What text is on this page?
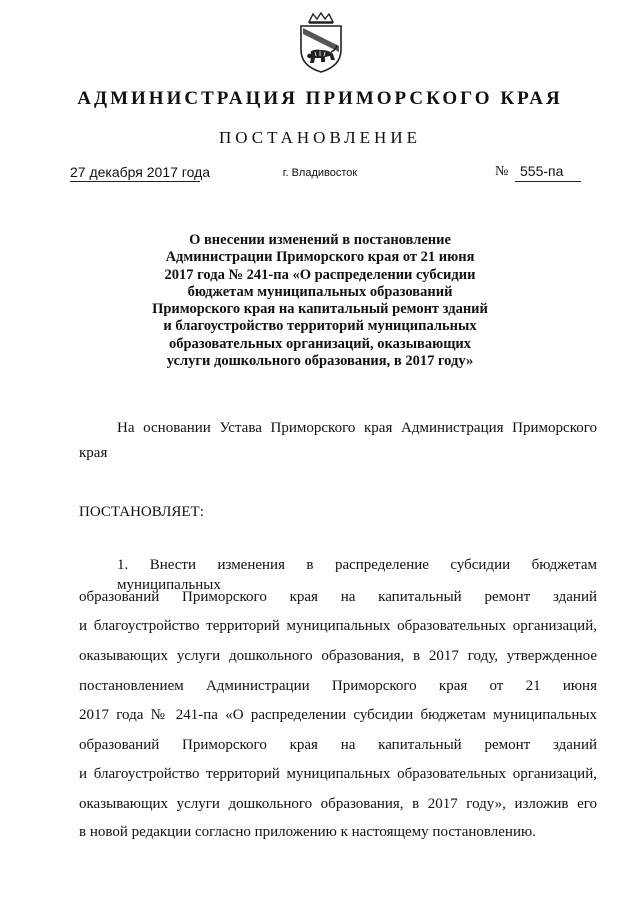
АДМИНИСТРАЦИЯ ПРИМОРСКОГО КРАЯ
ПОСТАНОВЛЕНИЕ
27 декабря 2017 года	г. Владивосток	№ 555-па
О внесении изменений в постановление
Администрации Приморского края от 21 июня
2017 года № 241-па «О распределении субсидии
бюджетам муниципальных образований
Приморского края на капитальный ремонт зданий
и благоустройство территорий муниципальных
образовательных организаций, оказывающих
услуги дошкольного образования, в 2017 году»
На основании Устава Приморского края Администрация Приморского
края
ПОСТАНОВЛЯЕТ:
1. Внести изменения в распределение субсидии бюджетам муниципальных
образований Приморского края на капитальный ремонт зданий
и благоустройство территорий муниципальных образовательных организаций,
оказывающих услуги дошкольного образования, в 2017 году, утвержденное
постановлением Администрации Приморского края от 21 июня
2017 года № 241-па «О распределении субсидии бюджетам муниципальных
образований Приморского края на капитальный ремонт зданий
и благоустройство территорий муниципальных образовательных организаций,
оказывающих услуги дошкольного образования, в 2017 году», изложив его
в новой редакции согласно приложению к настоящему постановлению.
